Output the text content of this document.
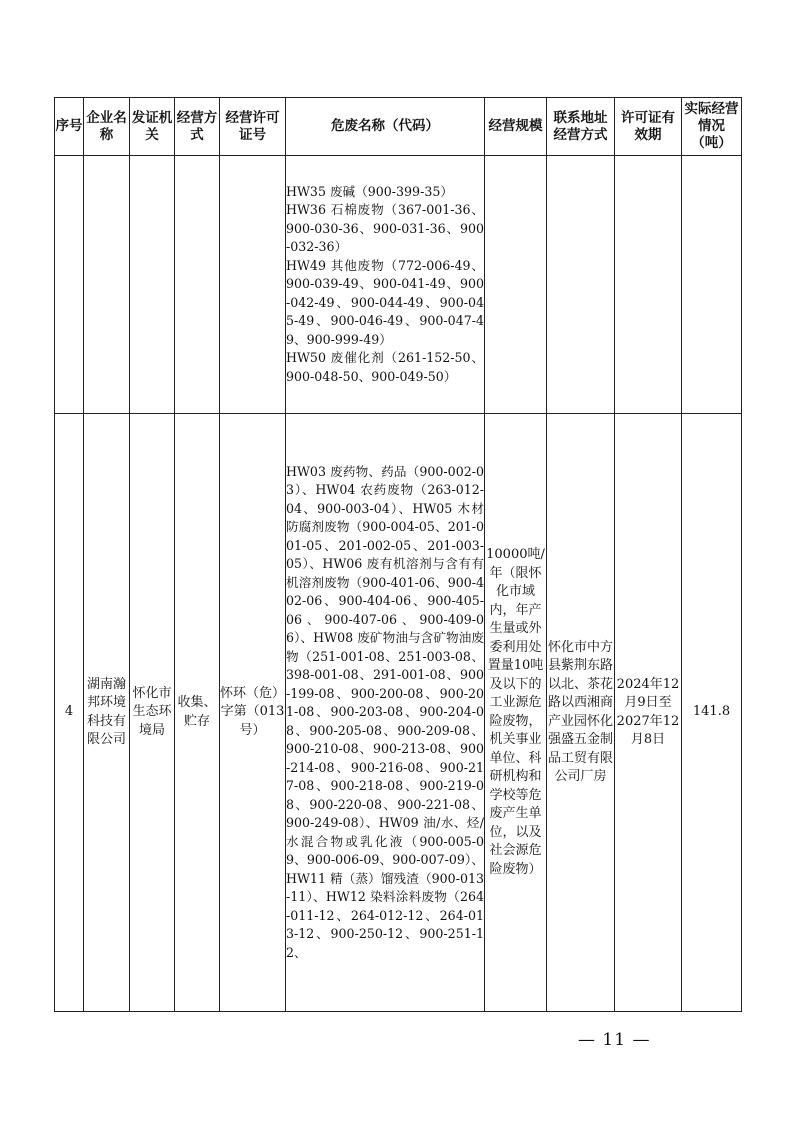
序号	企业名称	发证机关	经营方式	经营许可证号	危废名称（代码）	经营规模	联系地址经营方式	许可证有效期	实际经营情况（吨）
					HW35 废碱（900-399-35）
HW36 石棉废物（367-001-36、900-030-36、900-031-36、900-032-36）
HW49 其他废物（772-006-49、900-039-49、900-041-49、900-042-49、900-044-49、900-045-49、900-046-49、900-047-49、900-999-49）
HW50 废催化剂（261-152-50、900-048-50、900-049-50）				
4	湖南瀚邦环境科技有限公司	怀化市生态环境局	收集、贮存	怀环（危）字第（013号）	HW03 废药物、药品（900-002-03）、HW04 农药废物（263-012-04、900-003-04）、HW05 木材防腐剂废物（900-004-05、201-001-05、201-002-05、201-003-05）、HW06 废有机溶剂与含有有机溶剂废物（900-401-06、900-402-06、900-404-06、900-405-06、900-407-06、900-409-06）、HW08 废矿物油与含矿物油废物（251-001-08、251-003-08、398-001-08、291-001-08、900-199-08、900-200-08、900-201-08、900-203-08、900-204-08、900-205-08、900-209-08、900-210-08、900-213-08、900-214-08、900-216-08、900-217-08、900-218-08、900-219-08、900-220-08、900-221-08、900-249-08）、HW09 油/水、烃/水混合物或乳化液（900-005-09、900-006-09、900-007-09）、HW11 精（蒸）馏残渣（900-013-11）、HW12 染料涂料废物（264-011-12、264-012-12、264-013-12、900-250-12、900-251-12、	10000吨/年（限怀化市域内，年产生量或外委利用处置量10吨及以下的工业源危险废物，机关事业单位、科研机构和学校等危废产生单位，以及社会源危险废物）	怀化市中方县紫荆东路以北、茶花路以西湘商产业园怀化强盛五金制品工贸有限公司厂房	2024年12月9日至2027年12月8日	141.8
— 11 —
